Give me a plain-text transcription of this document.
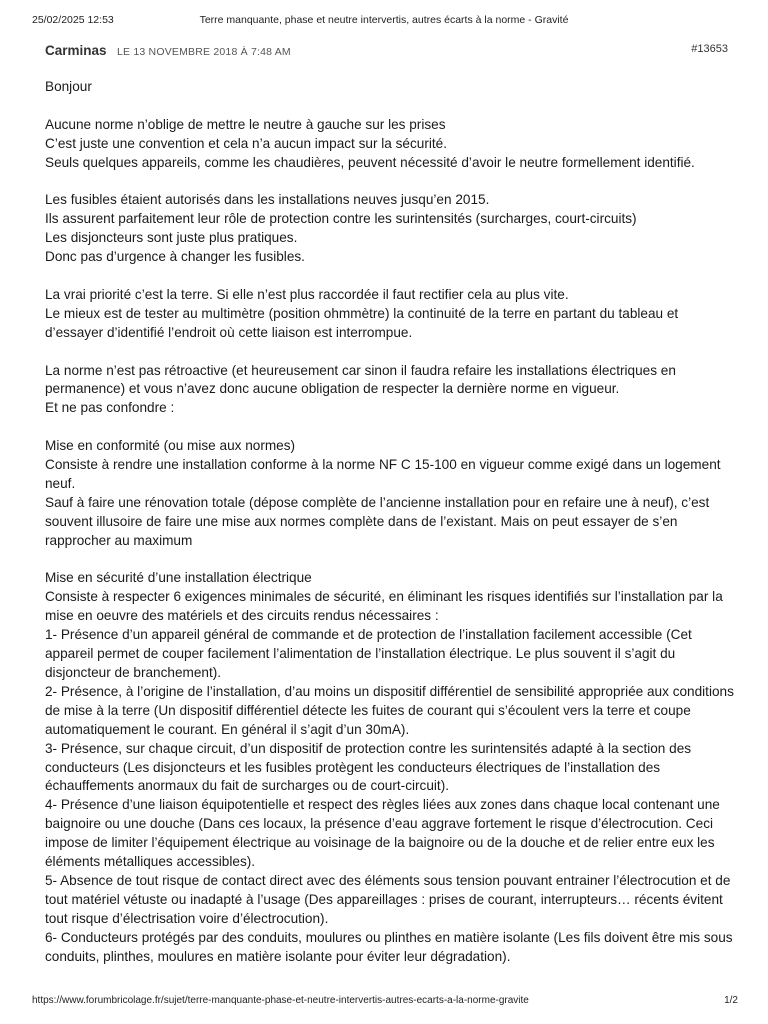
25/02/2025 12:53	Terre manquante, phase et neutre intervertis, autres écarts à la norme - Gravité
Carminas LE 13 NOVEMBRE 2018 À 7:48 AM	#13653

Bonjour

Aucune norme n’oblige de mettre le neutre à gauche sur les prises
C’est juste une convention et cela n’a aucun impact sur la sécurité.
Seuls quelques appareils, comme les chaudières, peuvent nécessité d’avoir le neutre formellement identifié.

Les fusibles étaient autorisés dans les installations neuves jusqu’en 2015.
Ils assurent parfaitement leur rôle de protection contre les surintensités (surcharges, court-circuits)
Les disjoncteurs sont juste plus pratiques.
Donc pas d’urgence à changer les fusibles.

La vrai priorité c’est la terre. Si elle n’est plus raccordée il faut rectifier cela au plus vite.
Le mieux est de tester au multimètre (position ohmmètre) la continuité de la terre en partant du tableau et d’essayer d’identifié l’endroit où cette liaison est interrompue.

La norme n’est pas rétroactive (et heureusement car sinon il faudra refaire les installations électriques en permanence) et vous n’avez donc aucune obligation de respecter la dernière norme en vigueur.
Et ne pas confondre :

Mise en conformité (ou mise aux normes)
Consiste à rendre une installation conforme à la norme NF C 15-100 en vigueur comme exigé dans un logement neuf.
Sauf à faire une rénovation totale (dépose complète de l’ancienne installation pour en refaire une à neuf), c’est souvent illusoire de faire une mise aux normes complète dans de l’existant. Mais on peut essayer de s’en rapprocher au maximum

Mise en sécurité d’une installation électrique
Consiste à respecter 6 exigences minimales de sécurité, en éliminant les risques identifiés sur l’installation par la mise en oeuvre des matériels et des circuits rendus nécessaires :
1- Présence d’un appareil général de commande et de protection de l’installation facilement accessible (Cet appareil permet de couper facilement l’alimentation de l’installation électrique. Le plus souvent il s’agit du disjoncteur de branchement).
2- Présence, à l’origine de l’installation, d’au moins un dispositif différentiel de sensibilité appropriée aux conditions de mise à la terre (Un dispositif différentiel détecte les fuites de courant qui s’écoulent vers la terre et coupe automatiquement le courant. En général il s’agit d’un 30mA).
3- Présence, sur chaque circuit, d’un dispositif de protection contre les surintensités adapté à la section des conducteurs (Les disjoncteurs et les fusibles protègent les conducteurs électriques de l’installation des échauffements anormaux du fait de surcharges ou de court-circuit).
4- Présence d’une liaison équipotentielle et respect des règles liées aux zones dans chaque local contenant une baignoire ou une douche (Dans ces locaux, la présence d’eau aggrave fortement le risque d’électrocution. Ceci impose de limiter l’équipement électrique au voisinage de la baignoire ou de la douche et de relier entre eux les éléments métalliques accessibles).
5- Absence de tout risque de contact direct avec des éléments sous tension pouvant entrainer l’électrocution et de tout matériel vétuste ou inadapté à l’usage (Des appareillages : prises de courant, interrupteurs… récents évitent tout risque d’électrisation voire d’électrocution).
6- Conducteurs protégés par des conduits, moulures ou plinthes en matière isolante (Les fils doivent être mis sous conduits, plinthes, moulures en matière isolante pour éviter leur dégradation).

https://www.forumbricolage.fr/sujet/terre-manquante-phase-et-neutre-intervertis-autres-ecarts-a-la-norme-gravite	1/2
